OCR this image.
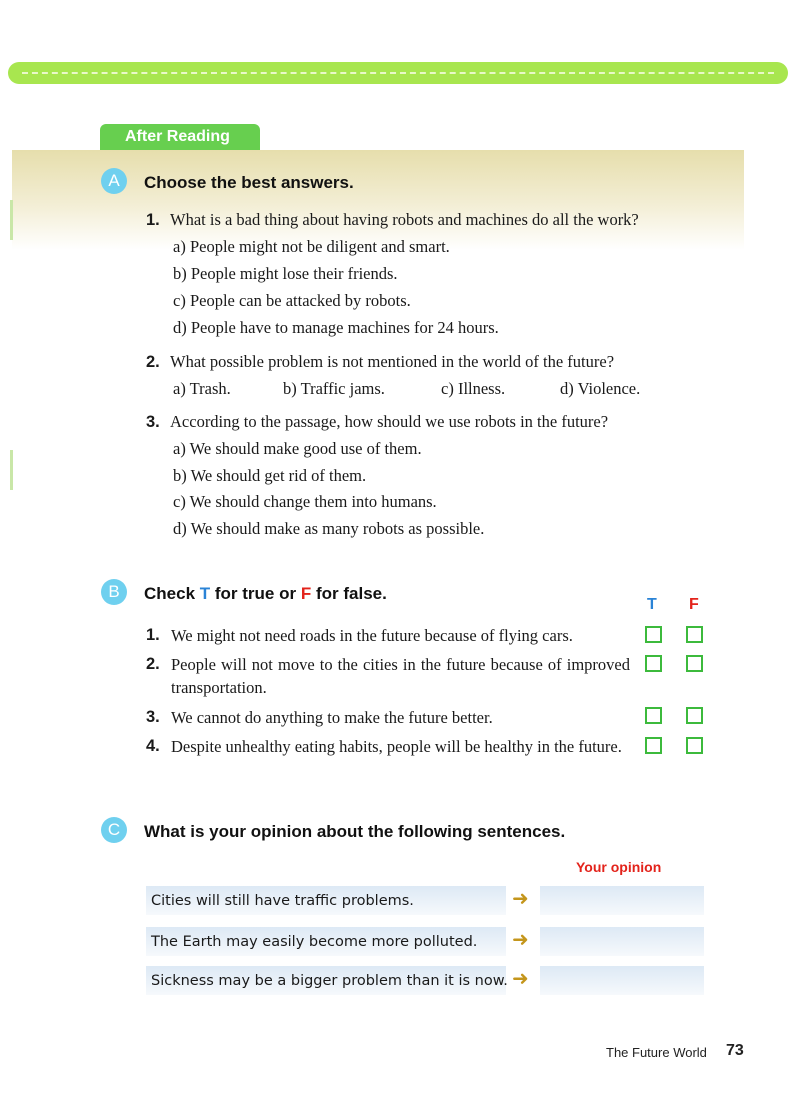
After Reading
A	Choose the best answers.
1. What is a bad thing about having robots and machines do all the work?
a) People might not be diligent and smart.
b) People might lose their friends.
c) People can be attacked by robots.
d) People have to manage machines for 24 hours.
2. What possible problem is not mentioned in the world of the future?
a) Trash.	b) Traffic jams.	c) Illness.	d) Violence.
3. According to the passage, how should we use robots in the future?
a) We should make good use of them.
b) We should get rid of them.
c) We should change them into humans.
d) We should make as many robots as possible.
B	Check T for true or F for false.
T F
1. We might not need roads in the future because of flying cars.
2. People will not move to the cities in the future because of improved transportation.
3. We cannot do anything to make the future better.
4. Despite unhealthy eating habits, people will be healthy in the future.
C	What is your opinion about the following sentences.
Your opinion
Cities will still have traffic problems.	➜
The Earth may easily become more polluted.	➜
Sickness may be a bigger problem than it is now. ➜
The Future World 73
